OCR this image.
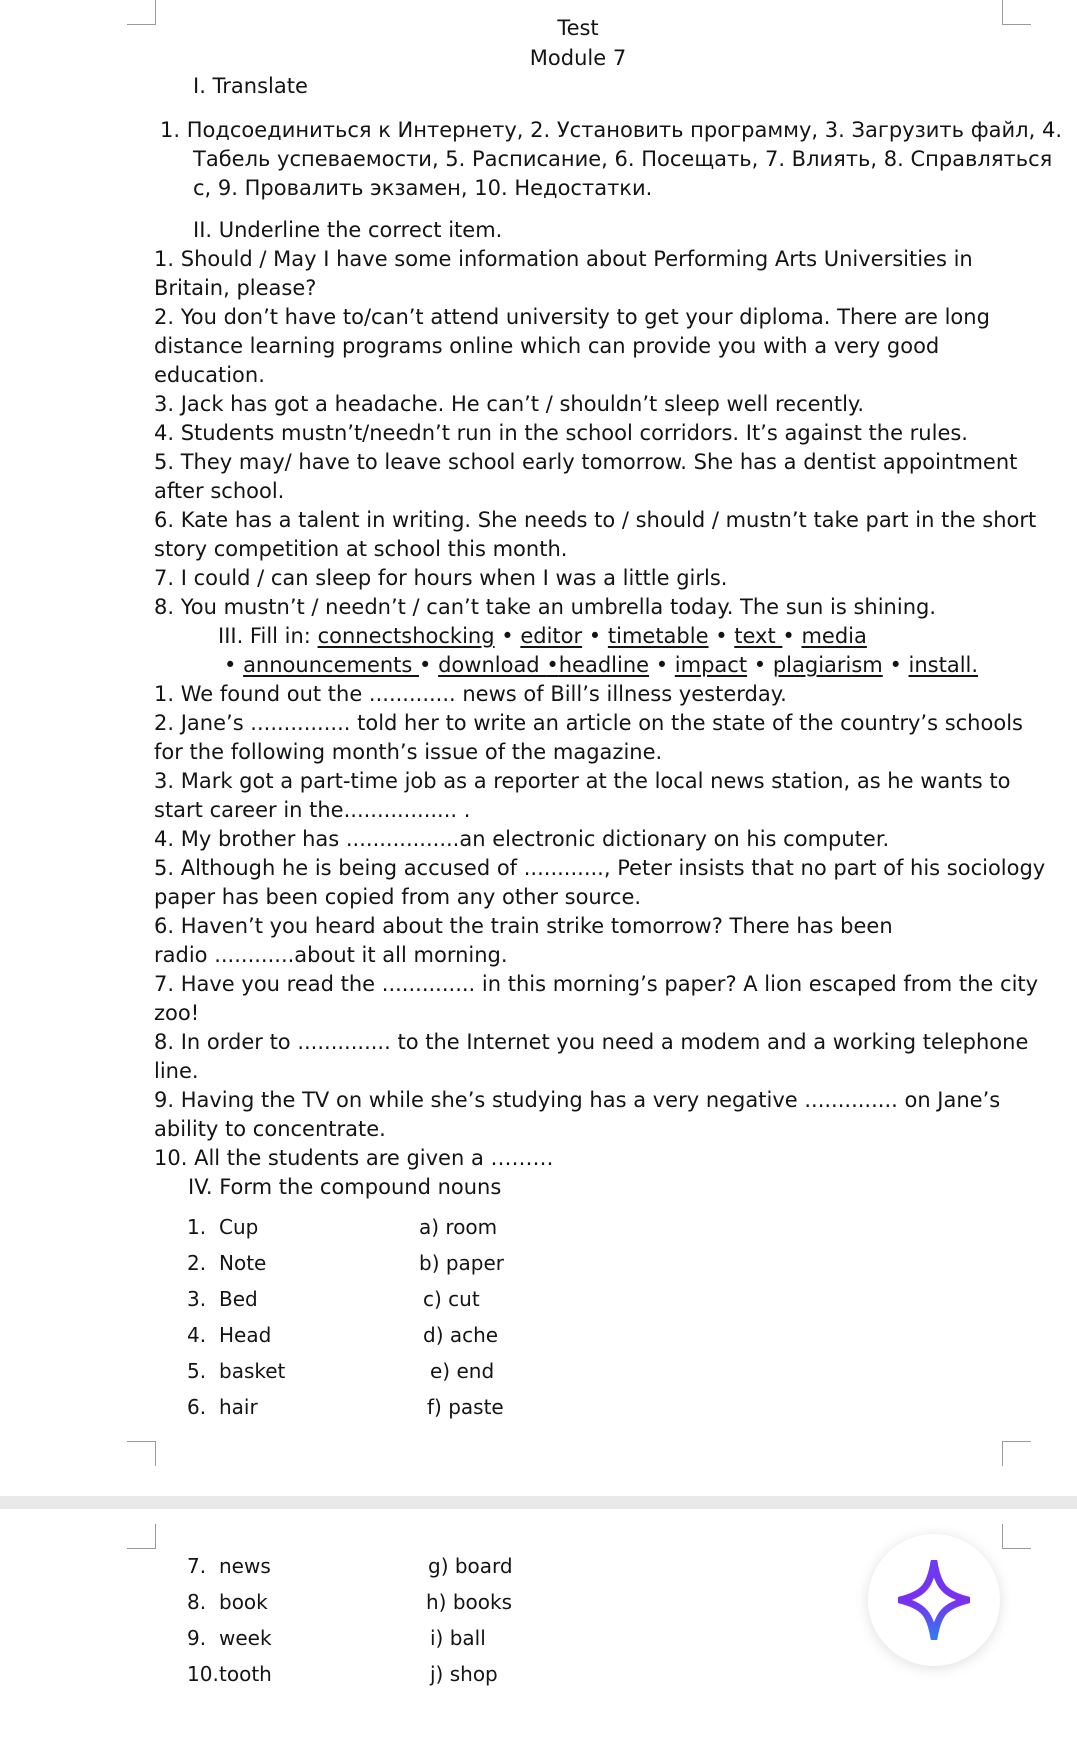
Test
Module 7
I. Translate
1. Подсоединиться к Интернету, 2. Установить программу, 3. Загрузить файл, 4.
Табель успеваемости, 5. Расписание, 6. Посещать, 7. Влиять, 8. Справляться
с, 9. Провалить экзамен, 10. Недостатки.
II. Underline the correct item.
1. Should / May I have some information about Performing Arts Universities in
Britain, please?
2. You don’t have to/can’t attend university to get your diploma. There are long
distance learning programs online which can provide you with a very good
education.
3. Jack has got a headache. He can’t / shouldn’t sleep well recently.
4. Students mustn’t/needn’t run in the school corridors. It’s against the rules.
5. They may/ have to leave school early tomorrow. She has a dentist appointment
after school.
6. Kate has a talent in writing. She needs to / should / mustn’t take part in the short
story competition at school this month.
7. I could / can sleep for hours when I was a little girls.
8. You mustn’t / needn’t / can’t take an umbrella today. The sun is shining.
III. Fill in: connectshocking • editor • timetable • text • media
• announcements • download •headline • impact • plagiarism • install.
1. We found out the ............. news of Bill’s illness yesterday.
2. Jane’s ............... told her to write an article on the state of the country’s schools
for the following month’s issue of the magazine.
3. Mark got a part-time job as a reporter at the local news station, as he wants to
start career in the................. .
4. My brother has .................an electronic dictionary on his computer.
5. Although he is being accused of ............, Peter insists that no part of his sociology
paper has been copied from any other source.
6. Haven’t you heard about the train strike tomorrow? There has been
radio ............about it all morning.
7. Have you read the .............. in this morning’s paper? A lion escaped from the city
zoo!
8. In order to .............. to the Internet you need a modem and a working telephone
line.
9. Having the TV on while she’s studying has a very negative .............. on Jane’s
ability to concentrate.
10. All the students are given a ………
IV. Form the compound nouns
1. Cup	a) room
2. Note	b) paper
3. Bed	c) cut
4. Head	d) ache
5. basket	e) end
6. hair	f) paste
7. news	g) board
8. book	h) books
9. week	i) ball
10. tooth	j) shop
